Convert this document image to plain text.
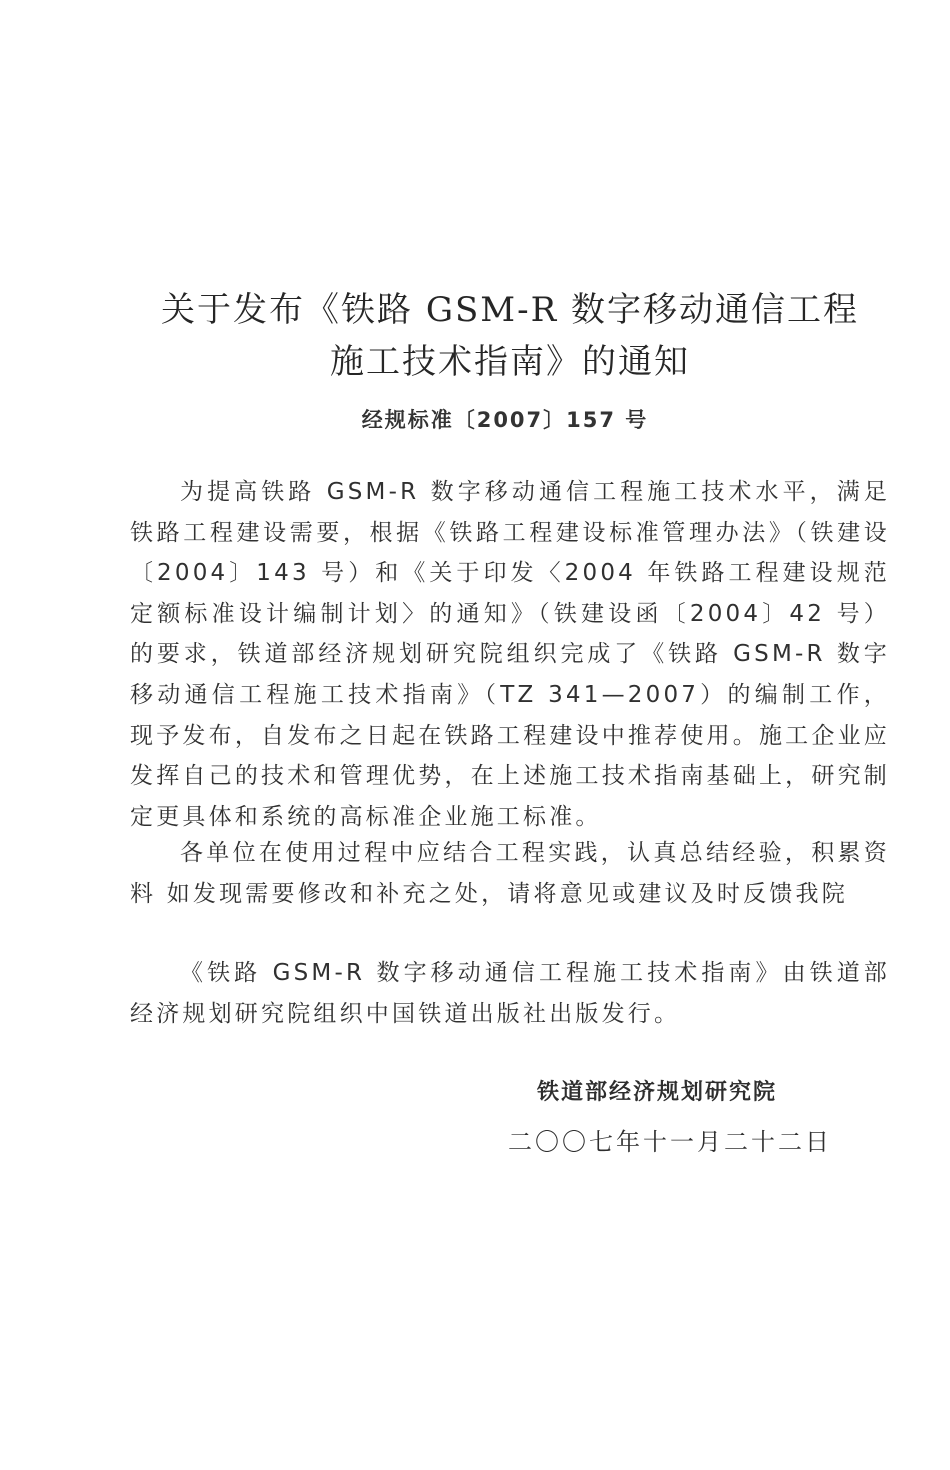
关于发布《铁路 GSM-R 数字移动通信工程
施工技术指南》的通知
经规标准〔2007〕157 号

为提高铁路 GSM-R 数字移动通信工程施工技术水平，满足铁路工程建设需要，根据《铁路工程建设标准管理办法》（铁建设〔2004〕143 号）和《关于印发〈2004 年铁路工程建设规范定额标准设计编制计划〉的通知》（铁建设函〔2004〕42 号）的要求，铁道部经济规划研究院组织完成了《铁路 GSM-R 数字移动通信工程施工技术指南》（TZ 341—2007）的编制工作，现予发布，自发布之日起在铁路工程建设中推荐使用。施工企业应发挥自己的技术和管理优势，在上述施工技术指南基础上，研究制定更具体和系统的高标准企业施工标准。

各单位在使用过程中应结合工程实践，认真总结经验，积累资料 如发现需要修改和补充之处，请将意见或建议及时反馈我院

《铁路 GSM-R 数字移动通信工程施工技术指南》由铁道部经济规划研究院组织中国铁道出版社出版发行。

铁道部经济规划研究院
二〇〇七年十一月二十二日
